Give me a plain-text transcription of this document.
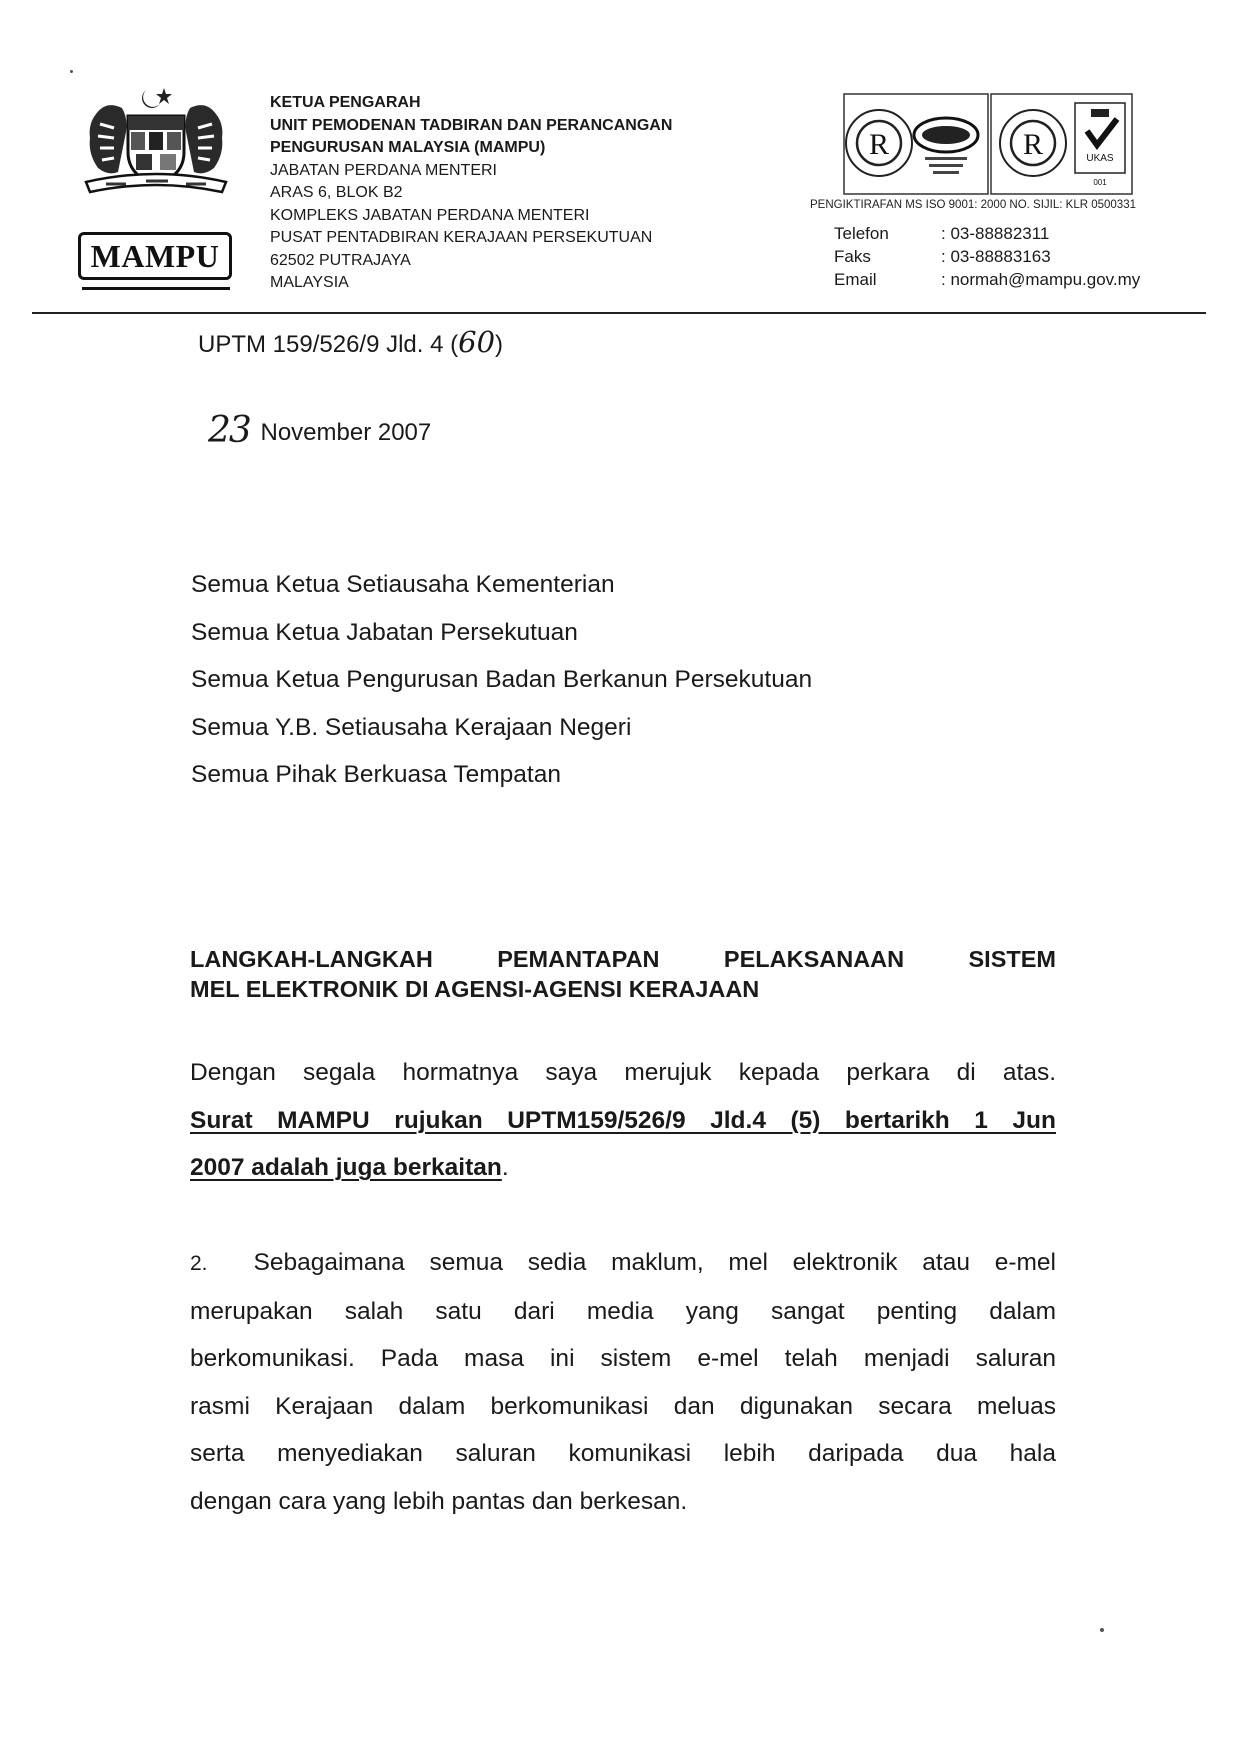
MAMPU
KETUA PENGARAH
UNIT PEMODENAN TADBIRAN DAN PERANCANGAN
PENGURUSAN MALAYSIA (MAMPU)
JABATAN PERDANA MENTERI
ARAS 6, BLOK B2
KOMPLEKS JABATAN PERDANA MENTERI
PUSAT PENTADBIRAN KERAJAAN PERSEKUTUAN
62502 PUTRAJAYA
MALAYSIA
R	R	UKAS
001
PENGIKTIRAFAN MS ISO 9001: 2000 NO. SIJIL: KLR 0500331
Telefon	: 03-88882311
Faks	: 03-88883163
Email	: normah@mampu.gov.my
UPTM 159/526/9 Jld. 4 (60)
23 November 2007
Semua Ketua Setiausaha Kementerian
Semua Ketua Jabatan Persekutuan
Semua Ketua Pengurusan Badan Berkanun Persekutuan
Semua Y.B. Setiausaha Kerajaan Negeri
Semua Pihak Berkuasa Tempatan
LANGKAH-LANGKAH PEMANTAPAN PELAKSANAAN SISTEM
MEL ELEKTRONIK DI AGENSI-AGENSI KERAJAAN
Dengan segala hormatnya saya merujuk kepada perkara di atas.
Surat MAMPU rujukan UPTM159/526/9 Jld.4 (5) bertarikh 1 Jun
2007 adalah juga berkaitan.
2. Sebagaimana semua sedia maklum, mel elektronik atau e-mel
merupakan salah satu dari media yang sangat penting dalam
berkomunikasi. Pada masa ini sistem e-mel telah menjadi saluran
rasmi Kerajaan dalam berkomunikasi dan digunakan secara meluas
serta menyediakan saluran komunikasi lebih daripada dua hala
dengan cara yang lebih pantas dan berkesan.
